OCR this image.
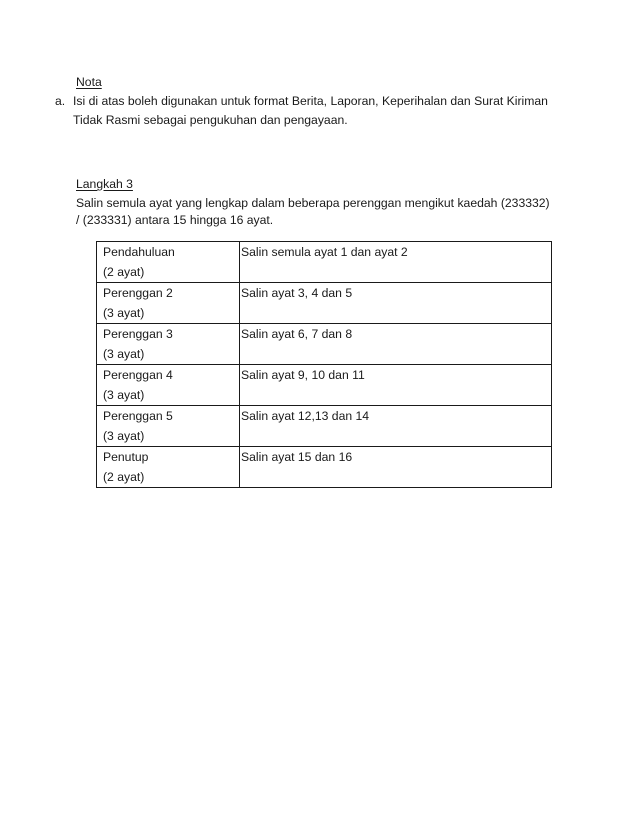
Nota
a. Isi di atas boleh digunakan untuk format Berita, Laporan, Keperihalan dan Surat Kiriman
Tidak Rasmi sebagai pengukuhan dan pengayaan.
Langkah 3
Salin semula ayat yang lengkap dalam beberapa perenggan mengikut kaedah (233332)
/ (233331) antara 15 hingga 16 ayat.
Pendahuluan
(2 ayat)	Salin semula ayat 1 dan ayat 2

Perenggan 2
(3 ayat)	Salin ayat 3, 4 dan 5

Perenggan 3
(3 ayat)	Salin ayat 6, 7 dan 8

Perenggan 4
(3 ayat)	Salin ayat 9, 10 dan 11

Perenggan 5
(3 ayat)	Salin ayat 12,13 dan 14

Penutup
(2 ayat)	Salin ayat 15 dan 16
